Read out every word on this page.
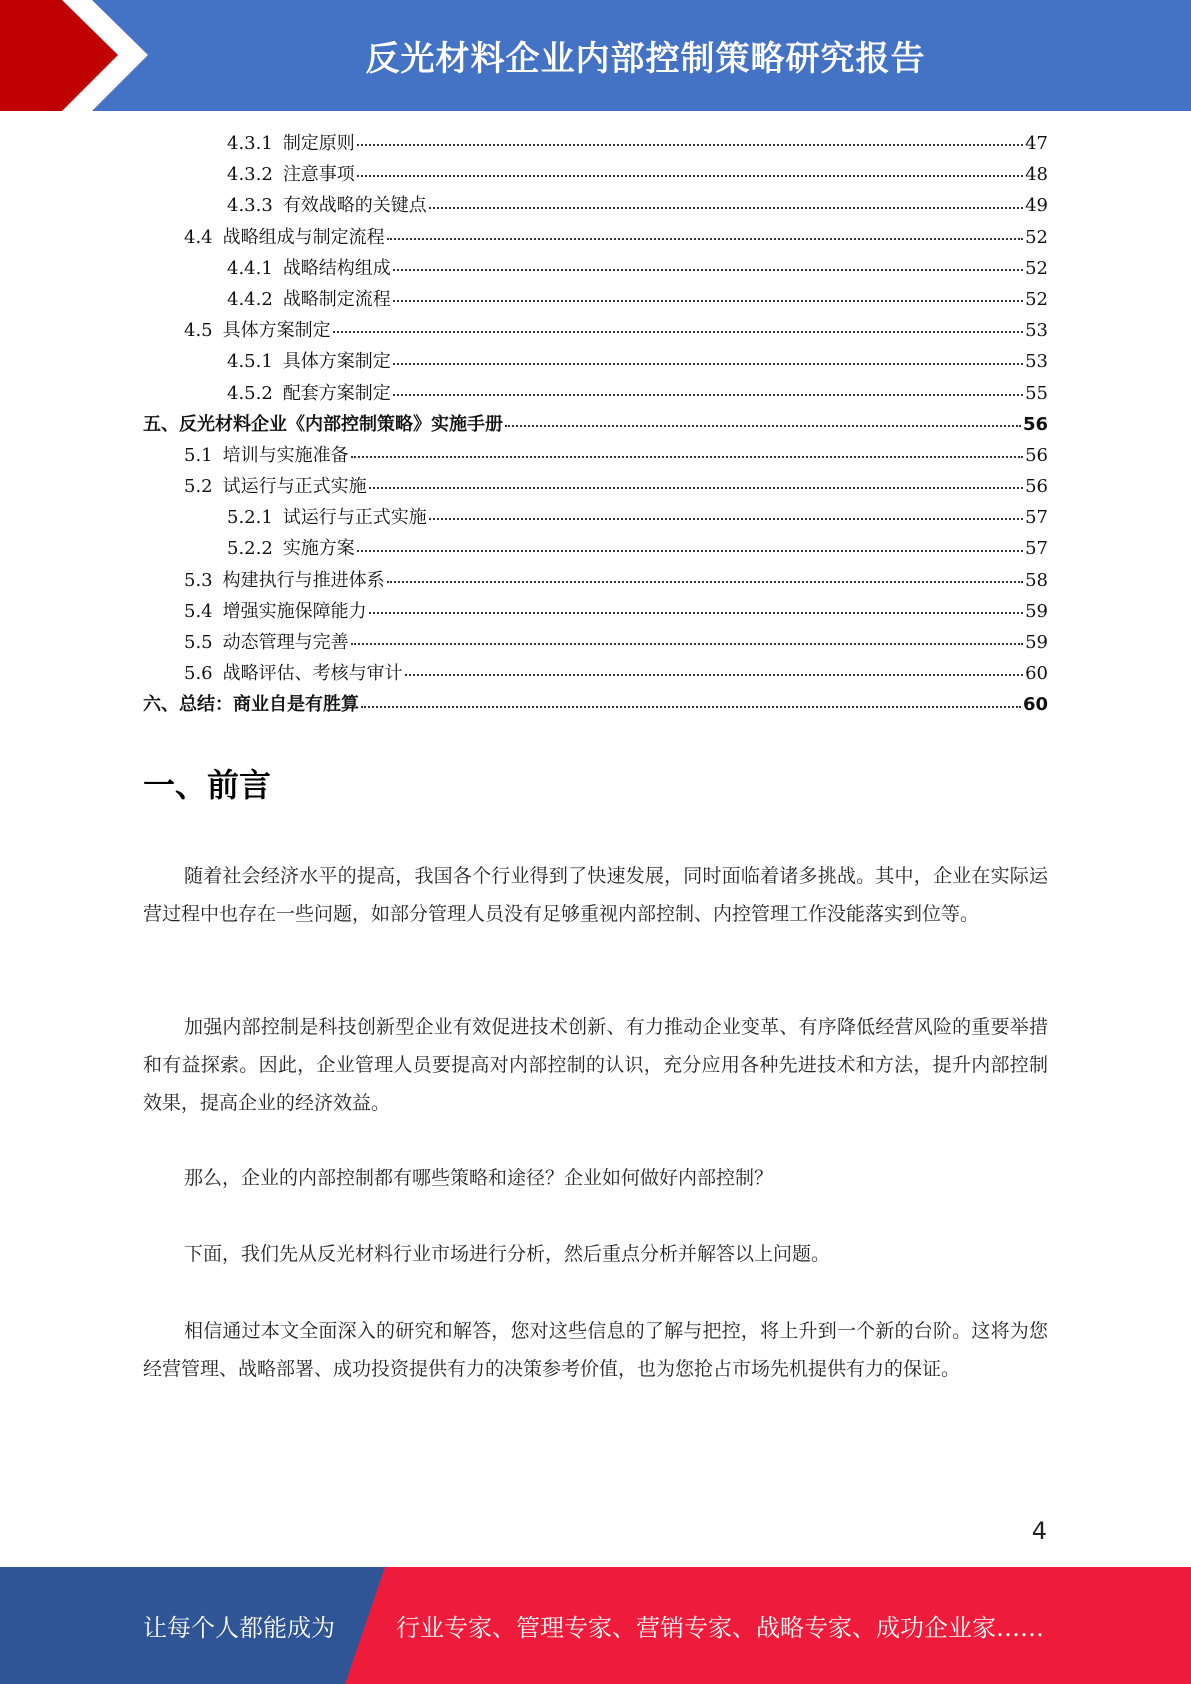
反光材料企业内部控制策略研究报告
4.3.1 制定原则	47
4.3.2 注意事项	48
4.3.3 有效战略的关键点	49
4.4 战略组成与制定流程	52
4.4.1 战略结构组成	52
4.4.2 战略制定流程	52
4.5 具体方案制定	53
4.5.1 具体方案制定	53
4.5.2 配套方案制定	55
五、反光材料企业《内部控制策略》实施手册	56
5.1 培训与实施准备	56
5.2 试运行与正式实施	56
5.2.1 试运行与正式实施	57
5.2.2 实施方案	57
5.3 构建执行与推进体系	58
5.4 增强实施保障能力	59
5.5 动态管理与完善	59
5.6 战略评估、考核与审计	60
六、总结：商业自是有胜算	60
一、前言

随着社会经济水平的提高，我国各个行业得到了快速发展，同时面临着诸多挑战。其中，企业在实际运营过程中也存在一些问题，如部分管理人员没有足够重视内部控制、内控管理工作没能落实到位等。

加强内部控制是科技创新型企业有效促进技术创新、有力推动企业变革、有序降低经营风险的重要举措和有益探索。因此，企业管理人员要提高对内部控制的认识，充分应用各种先进技术和方法，提升内部控制效果，提高企业的经济效益。

那么，企业的内部控制都有哪些策略和途径？企业如何做好内部控制？

下面，我们先从反光材料行业市场进行分析，然后重点分析并解答以上问题。

相信通过本文全面深入的研究和解答，您对这些信息的了解与把控，将上升到一个新的台阶。这将为您经营管理、战略部署、成功投资提供有力的决策参考价值，也为您抢占市场先机提供有力的保证。

4
让每个人都能成为	行业专家、管理专家、营销专家、战略专家、成功企业家……
